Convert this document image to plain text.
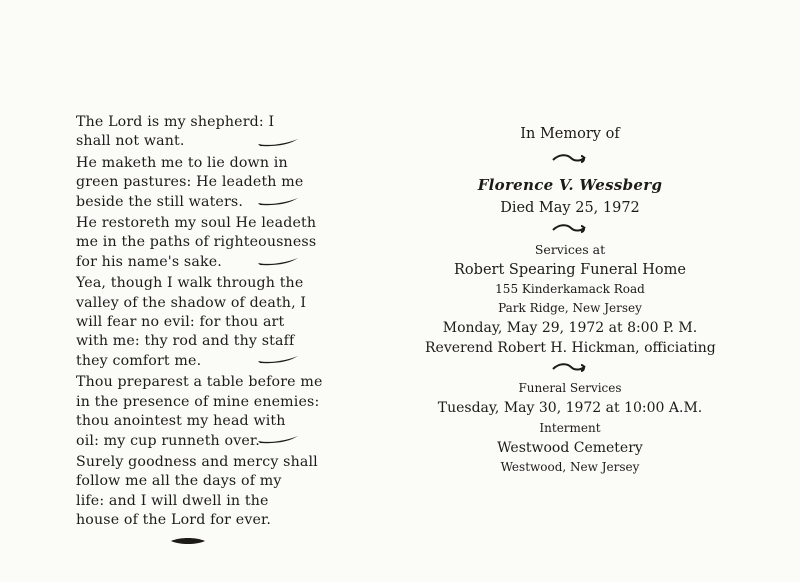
The Lord is my shepherd: I
shall not want.
He maketh me to lie down in
green pastures: He leadeth me
beside the still waters.
He restoreth my soul He leadeth
me in the paths of righteousness
for his name's sake.
Yea, though I walk through the
valley of the shadow of death, I
will fear no evil: for thou art
with me: thy rod and thy staff
they comfort me.
Thou preparest a table before me
in the presence of mine enemies:
thou anointest my head with
oil: my cup runneth over.
Surely goodness and mercy shall
follow me all the days of my
life: and I will dwell in the
house of the Lord for ever.
In Memory of
Florence V. Wessberg
Died May 25, 1972
Services at
Robert Spearing Funeral Home
155 Kinderkamack Road
Park Ridge, New Jersey
Monday, May 29, 1972 at 8:00 P. M.
Reverend Robert H. Hickman, officiating
Funeral Services
Tuesday, May 30, 1972 at 10:00 A.M.
Interment
Westwood Cemetery
Westwood, New Jersey
